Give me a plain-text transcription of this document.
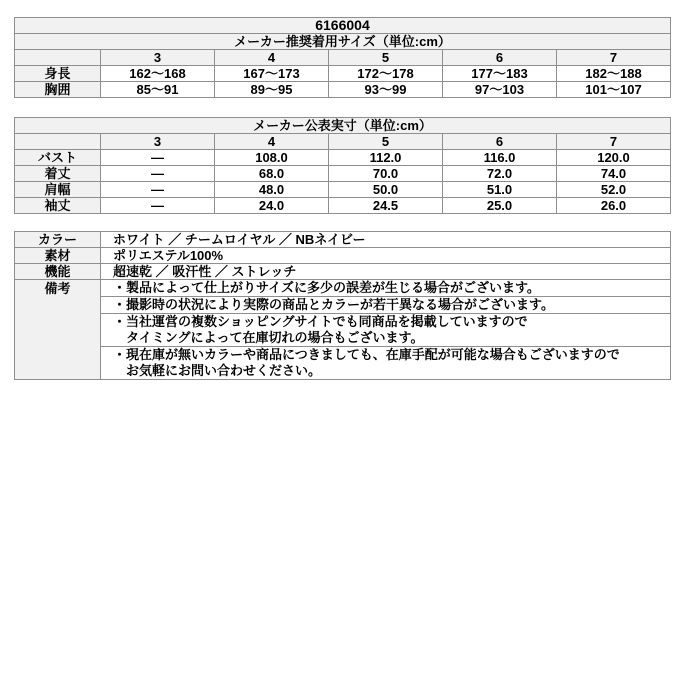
6166004					
メーカー推奨着用サイズ（単位:cm）					
	3	4	5	6	7
身長	162～168	167～173	172～178	177～183	182～188
胸囲	85～91	89～95	93～99	97～103	101～107
メーカー公表実寸（単位:cm）					
	3	4	5	6	7
バスト	―	108.0	112.0	116.0	120.0
着丈	―	68.0	70.0	72.0	74.0
肩幅	―	48.0	50.0	51.0	52.0
袖丈	―	24.0	24.5	25.0	26.0
カラー	ホワイト ／ チームロイヤル ／ NBネイビー
素材	ポリエステル100%
機能	超速乾 ／ 吸汗性 ／ ストレッチ
備考	・製品によって仕上がりサイズに多少の誤差が生じる場合がございます。

	・撮影時の状況により実際の商品とカラーが若干異なる場合がございます。

	・当社運営の複数ショッピングサイトでも同商品を掲載していますので
タイミングによって在庫切れの場合もございます。

	・現在庫が無いカラーや商品につきましても、在庫手配が可能な場合もございますので
お気軽にお問い合わせください。
